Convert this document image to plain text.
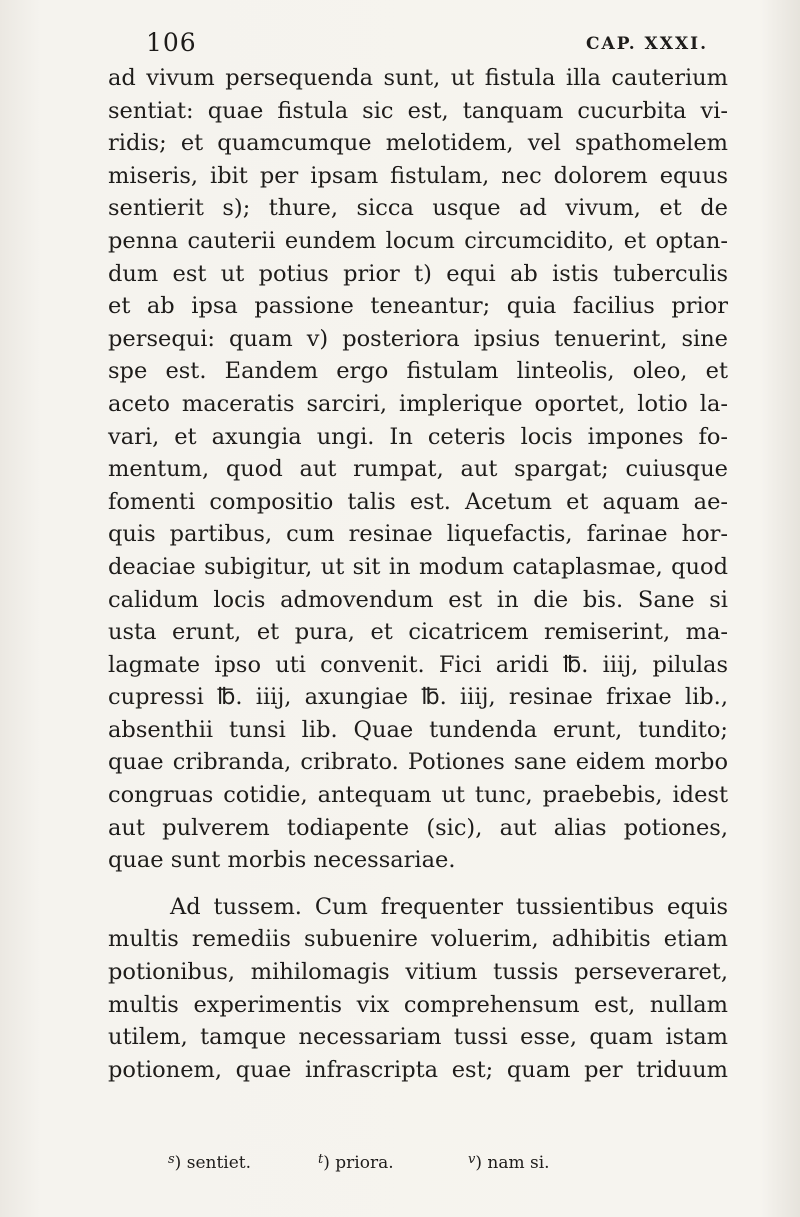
106	CAP. XXXI.
ad vivum persequenda sunt, ut fistula illa cauterium
sentiat: quae fistula sic est, tanquam cucurbita vi-
ridis; et quamcumque melotidem, vel spathomelem
miseris, ibit per ipsam fistulam, nec dolorem equus
sentierit s); thure, sicca usque ad vivum, et de
penna cauterii eundem locum circumcidito, et optan-
dum est ut potius prior t) equi ab istis tuberculis
et ab ipsa passione teneantur; quia facilius prior
persequi: quam v) posteriora ipsius tenuerint, sine
spe est. Eandem ergo fistulam linteolis, oleo, et
aceto maceratis sarciri, implerique oportet, lotio la-
vari, et axungia ungi. In ceteris locis impones fo-
mentum, quod aut rumpat, aut spargat; cuiusque
fomenti compositio talis est. Acetum et aquam ae-
quis partibus, cum resinae liquefactis, farinae hor-
deaciae subigitur, ut sit in modum cataplasmae, quod
calidum locis admovendum est in die bis. Sane si
usta erunt, et pura, et cicatricem remiserint, ma-
lagmate ipso uti convenit. Fici aridi ℔. iiij, pilulas
cupressi ℔. iiij, axungiae ℔. iiij, resinae frixae lib.,
absenthii tunsi lib. Quae tundenda erunt, tundito;
quae cribranda, cribrato. Potiones sane eidem morbo
congruas cotidie, antequam ut tunc, praebebis, idest
aut pulverem todiapente (sic), aut alias potiones,
quae sunt morbis necessariae.
Ad tussem. Cum frequenter tussientibus equis
multis remediis subuenire voluerim, adhibitis etiam
potionibus, mihilomagis vitium tussis perseveraret,
multis experimentis vix comprehensum est, nullam
utilem, tamque necessariam tussi esse, quam istam
potionem, quae infrascripta est; quam per triduum
$^s$) sentiet.	$^t$) priora.	$^v$) nam si.
